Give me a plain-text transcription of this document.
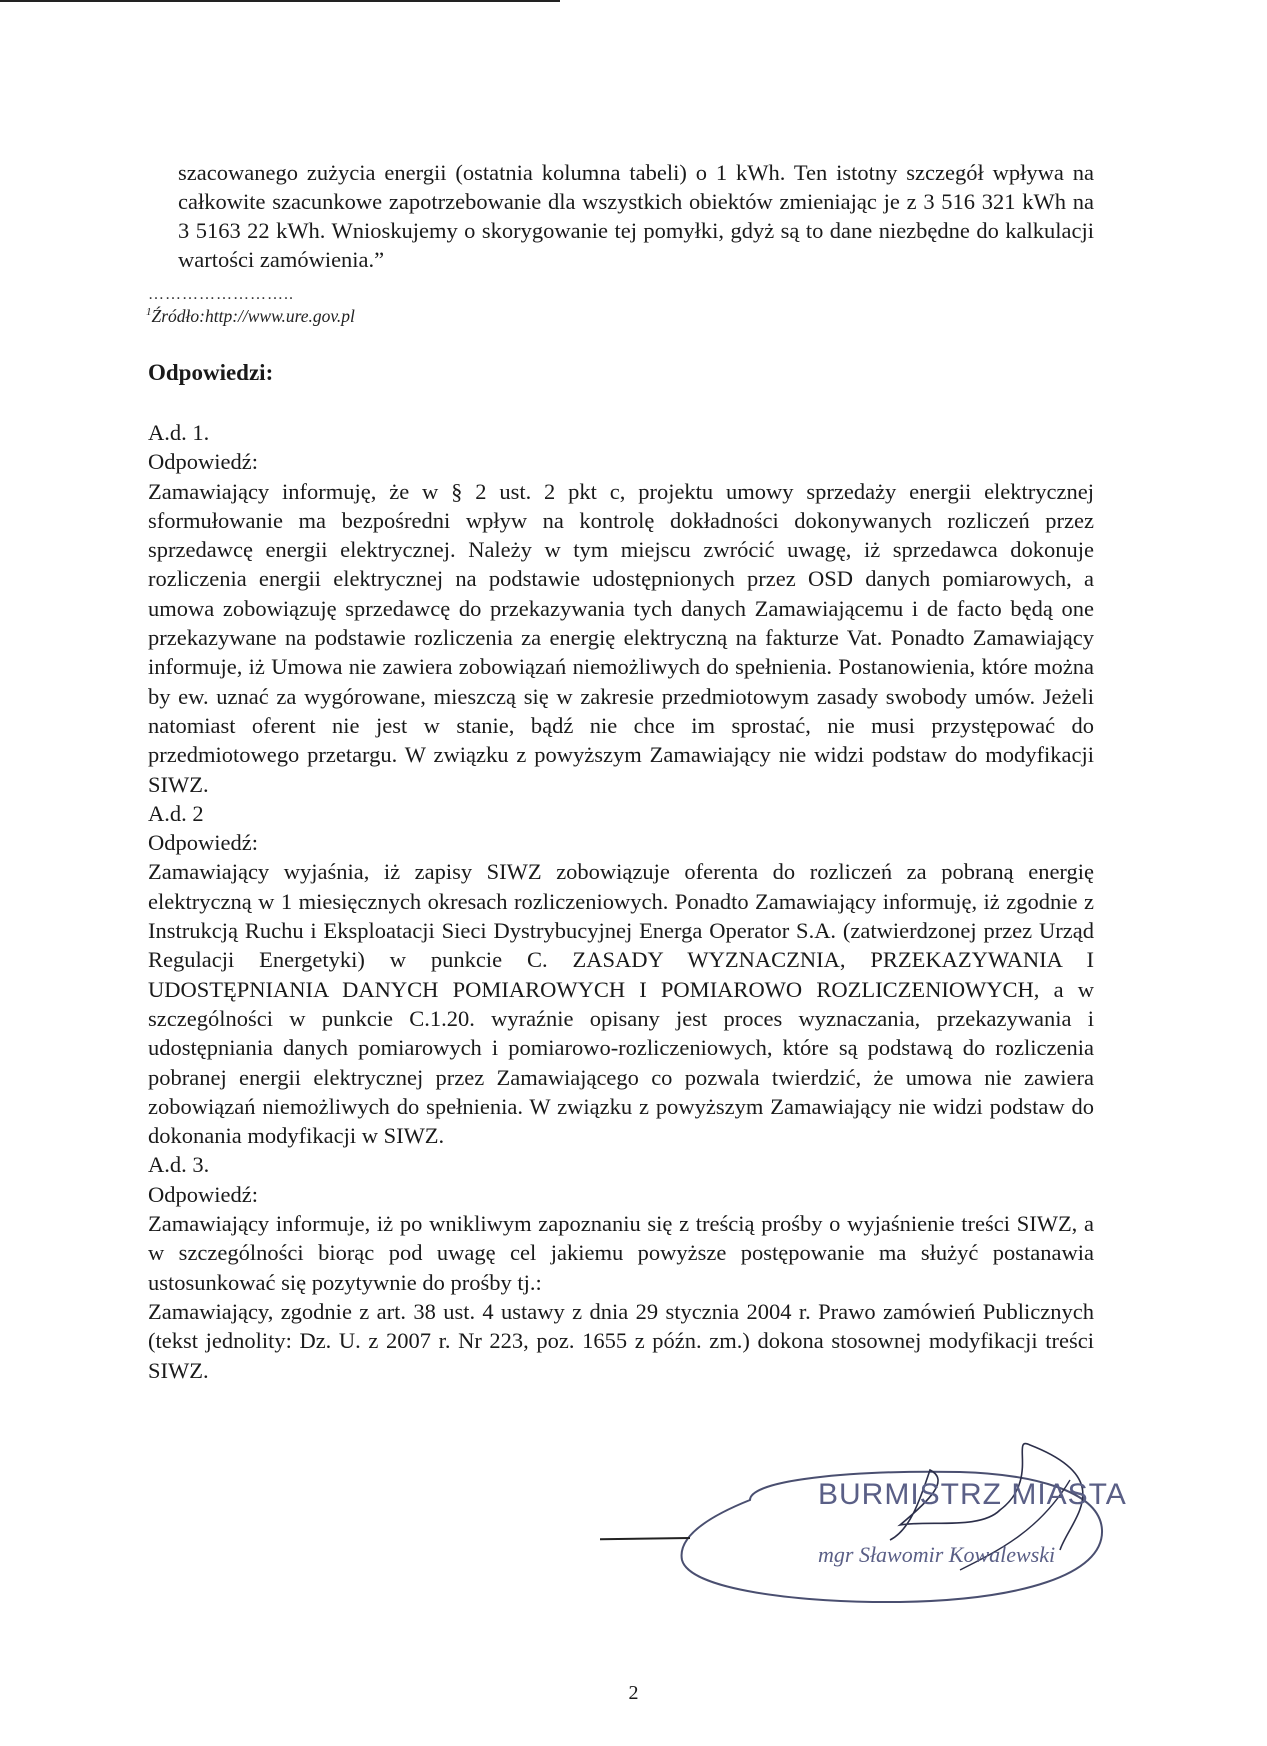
szacowanego zużycia energii (ostatnia kolumna tabeli) o 1 kWh. Ten istotny szczegół wpływa na całkowite szacunkowe zapotrzebowanie dla wszystkich obiektów zmieniając je z 3 516 321 kWh na 3 5163 22 kWh. Wnioskujemy o skorygowanie tej pomyłki, gdyż są to dane niezbędne do kalkulacji wartości zamówienia.”

……………………..
$^1$Źródło:http://www.ure.gov.pl
Odpowiedzi:

A.d. 1.

Odpowiedź:

Zamawiający informuję, że w § 2 ust. 2 pkt c, projektu umowy sprzedaży energii elektrycznej sformułowanie ma bezpośredni wpływ na kontrolę dokładności dokonywanych rozliczeń przez sprzedawcę energii elektrycznej. Należy w tym miejscu zwrócić uwagę, iż sprzedawca dokonuje rozliczenia energii elektrycznej na podstawie udostępnionych przez OSD danych pomiarowych, a umowa zobowiązuję sprzedawcę do przekazywania tych danych Zamawiającemu i de facto będą one przekazywane na podstawie rozliczenia za energię elektryczną na fakturze Vat. Ponadto Zamawiający informuje, iż Umowa nie zawiera zobowiązań niemożliwych do spełnienia. Postanowienia, które można by ew. uznać za wygórowane, mieszczą się w zakresie przedmiotowym zasady swobody umów. Jeżeli natomiast oferent nie jest w stanie, bądź nie chce im sprostać, nie musi przystępować do przedmiotowego przetargu. W związku z powyższym Zamawiający nie widzi podstaw do modyfikacji SIWZ.

A.d. 2

Odpowiedź:

Zamawiający wyjaśnia, iż zapisy SIWZ zobowiązuje oferenta do rozliczeń za pobraną energię elektryczną w 1 miesięcznych okresach rozliczeniowych. Ponadto Zamawiający informuję, iż zgodnie z Instrukcją Ruchu i Eksploatacji Sieci Dystrybucyjnej Energa Operator S.A. (zatwierdzonej przez Urząd Regulacji Energetyki) w punkcie C. ZASADY WYZNACZNIA, PRZEKAZYWANIA I UDOSTĘPNIANIA DANYCH POMIAROWYCH I POMIAROWO ROZLICZENIOWYCH, a w szczególności w punkcie C.1.20. wyraźnie opisany jest proces wyznaczania, przekazywania i udostępniania danych pomiarowych i pomiarowo-rozliczeniowych, które są podstawą do rozliczenia pobranej energii elektrycznej przez Zamawiającego co pozwala twierdzić, że umowa nie zawiera zobowiązań niemożliwych do spełnienia. W związku z powyższym Zamawiający nie widzi podstaw do dokonania modyfikacji w SIWZ.

A.d. 3.

Odpowiedź:

Zamawiający informuje, iż po wnikliwym zapoznaniu się z treścią prośby o wyjaśnienie treści SIWZ, a w szczególności biorąc pod uwagę cel jakiemu powyższe postępowanie ma służyć postanawia ustosunkować się pozytywnie do prośby tj.:

Zamawiający, zgodnie z art. 38 ust. 4 ustawy z dnia 29 stycznia 2004 r. Prawo zamówień Publicznych (tekst jednolity: Dz. U. z 2007 r. Nr 223, poz. 1655 z późn. zm.) dokona stosownej modyfikacji treści SIWZ.

BURMISTRZ MIASTA
mgr Sławomir Kowalewski
2
